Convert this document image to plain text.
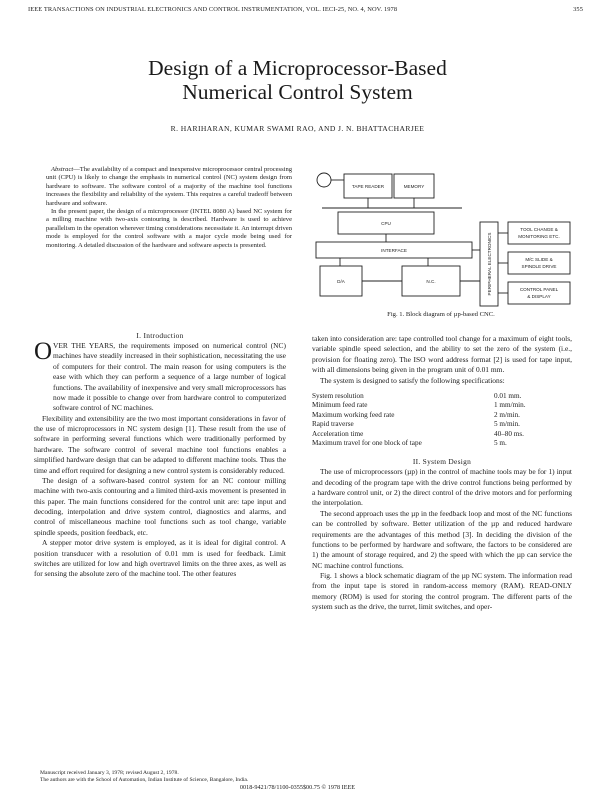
IEEE TRANSACTIONS ON INDUSTRIAL ELECTRONICS AND CONTROL INSTRUMENTATION, VOL. IECI-25, NO. 4, NOV. 1978	355
Design of a Microprocessor-Based
Numerical Control System
R. HARIHARAN, KUMAR SWAMI RAO, AND J. N. BHATTACHARJEE

Abstract—The availability of a compact and inexpensive microprocessor central processing unit (CPU) is likely to change the emphasis in numerical control (NC) system design from hardware to software. The software control of a majority of the machine tool functions increases the flexibility and reliability of the system. This requires a careful tradeoff between hardware and software.

In the present paper, the design of a microprocessor (INTEL 8080 A) based NC system for a milling machine with two-axis contouring is described. Hardware is used to achieve parallelism in the operation wherever timing considerations necessitate it. An interrupt driven mode is employed for the control software with a major cycle mode being used for monitoring. A detailed discussion of the hardware and software aspects is presented.

TAPE READER	MEMORY
CPU
INTERFACE
D/A	N.C.	PERIPHERAL ELECTRONICS
TOOL CHANGE &
MONITORING ETC.
M/C SLIDE &
SPINDLE DRIVE
CONTROL PANEL
& DISPLAY
Fig. 1. Block diagram of µp-based CNC.
I. Introduction
O VER THE YEARS, the requirements imposed on numerical control (NC) machines have steadily increased in their sophistication, necessitating the use of computers for their control. The main reason for using computers is the ease with which they can perform a sequence of a large number of logical functions. The availability of inexpensive and very small microprocessors has now made it possible to change over from hardware control to computerized software control of NC machines.

Flexibility and extensibility are the two most important considerations in favor of the use of microprocessors in NC system design [1]. These result from the use of software in performing several functions which were traditionally performed by hardware. The software control of several machine tool functions enables a simplified hardware design that can be adapted to different machine tools. Thus the time and effort required for designing a new control system is considerably reduced.

The design of a software-based control system for an NC contour milling machine with two-axis contouring and a limited third-axis movement is presented in this paper. The main functions considered for the control unit are: tape input and decoding, interpolation and drive system control, diagnostics and alarms, and control of miscellaneous machine tool functions such as tool change, variable spindle speeds, position feedback, etc.

A stepper motor drive system is employed, as it is ideal for digital control. A position transducer with a resolution of 0.01 mm is used for feedback. Limit switches are utilized for low and high overtravel limits on the three axes, as well as for sensing the absolute zero of the machine tool. The other features

Manuscript received January 3, 1978; revised August 2, 1978.

The authors are with the School of Automation, Indian Institute of Science, Bangalore, India.

taken into consideration are: tape controlled tool change for a maximum of eight tools, variable spindle speed selection, and the ability to set the zero of the system (i.e., provision for floating zero). The ISO word address format [2] is used for tape input, with all dimensions being given in the program unit of 0.01 mm.

The system is designed to satisfy the following specifications:

System resolution	0.01 mm.
Minimum feed rate	1 mm/min.
Maximum working feed rate	2 m/min.
Rapid traverse	5 m/min.
Acceleration time	40–80 ms.
Maximum travel for one block of tape	5 m.
II. System Design

The use of microprocessors (µp) in the control of machine tools may be for 1) input and decoding of the program tape with the drive control functions being performed by a hardware control unit, or 2) the direct control of the drive motors and for performing the interpolation.

The second approach uses the µp in the feedback loop and most of the NC functions can be controlled by software. Better utilization of the µp and reduced hardware requirements are the advantages of this method [3]. In deciding the division of the functions to be performed by hardware and software, the factors to be considered are 1) the amount of storage required, and 2) the speed with which the µp can service the NC machine control functions.

Fig. 1 shows a block schematic diagram of the µp NC system. The information read from the input tape is stored in random-access memory (RAM). READ-ONLY memory (ROM) is used for storing the control program. The different parts of the system such as the drive, the turret, limit switches, and oper-

0018-9421/78/1100-0355$00.75 © 1978 IEEE
